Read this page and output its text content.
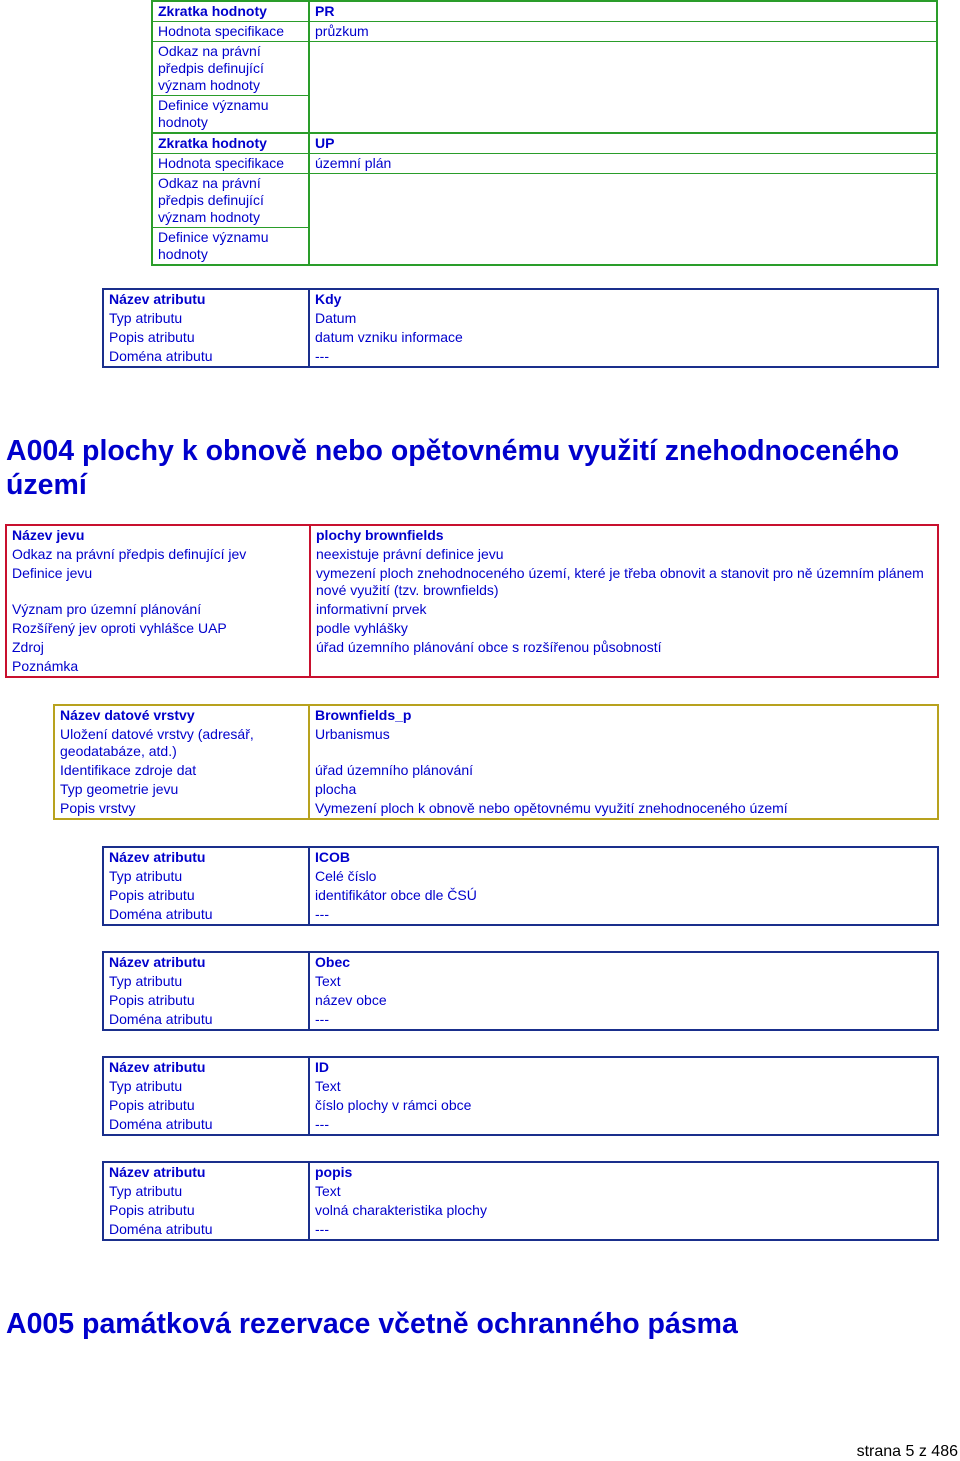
Zkratka hodnoty	PR
Hodnota specifikace	průzkum
Odkaz na právní předpis definující význam hodnoty	
Definice významu hodnoty	
Zkratka hodnoty	UP
Hodnota specifikace	územní plán
Odkaz na právní předpis definující význam hodnoty	
Definice významu hodnoty	
Název atributu	Kdy
Typ atributu	Datum
Popis atributu	datum vzniku informace
Doména atributu	---
A004 plochy k obnově nebo opětovnému využití znehodnoceného území
Název jevu	plochy brownfields
Odkaz na právní předpis definující jev	neexistuje právní definice jevu
Definice jevu	vymezení ploch znehodnoceného území, které je třeba obnovit a stanovit pro ně územním plánem nové využití (tzv. brownfields)
Význam pro územní plánování	informativní prvek
Rozšířený jev oproti vyhlášce UAP	podle vyhlášky
Zdroj	úřad územního plánování obce s rozšířenou působností
Poznámka	
Název datové vrstvy	Brownfields_p
Uložení datové vrstvy (adresář, geodatabáze, atd.)	Urbanismus
Identifikace zdroje dat	úřad územního plánování
Typ geometrie jevu	plocha
Popis vrstvy	Vymezení ploch k obnově nebo opětovnému využití znehodnoceného území
Název atributu	ICOB
Typ atributu	Celé číslo
Popis atributu	identifikátor obce dle ČSÚ
Doména atributu	---
Název atributu	Obec
Typ atributu	Text
Popis atributu	název obce
Doména atributu	---
Název atributu	ID
Typ atributu	Text
Popis atributu	číslo plochy v rámci obce
Doména atributu	---
Název atributu	popis
Typ atributu	Text
Popis atributu	volná charakteristika plochy
Doména atributu	---
A005 památková rezervace včetně ochranného pásma
strana 5 z 486
